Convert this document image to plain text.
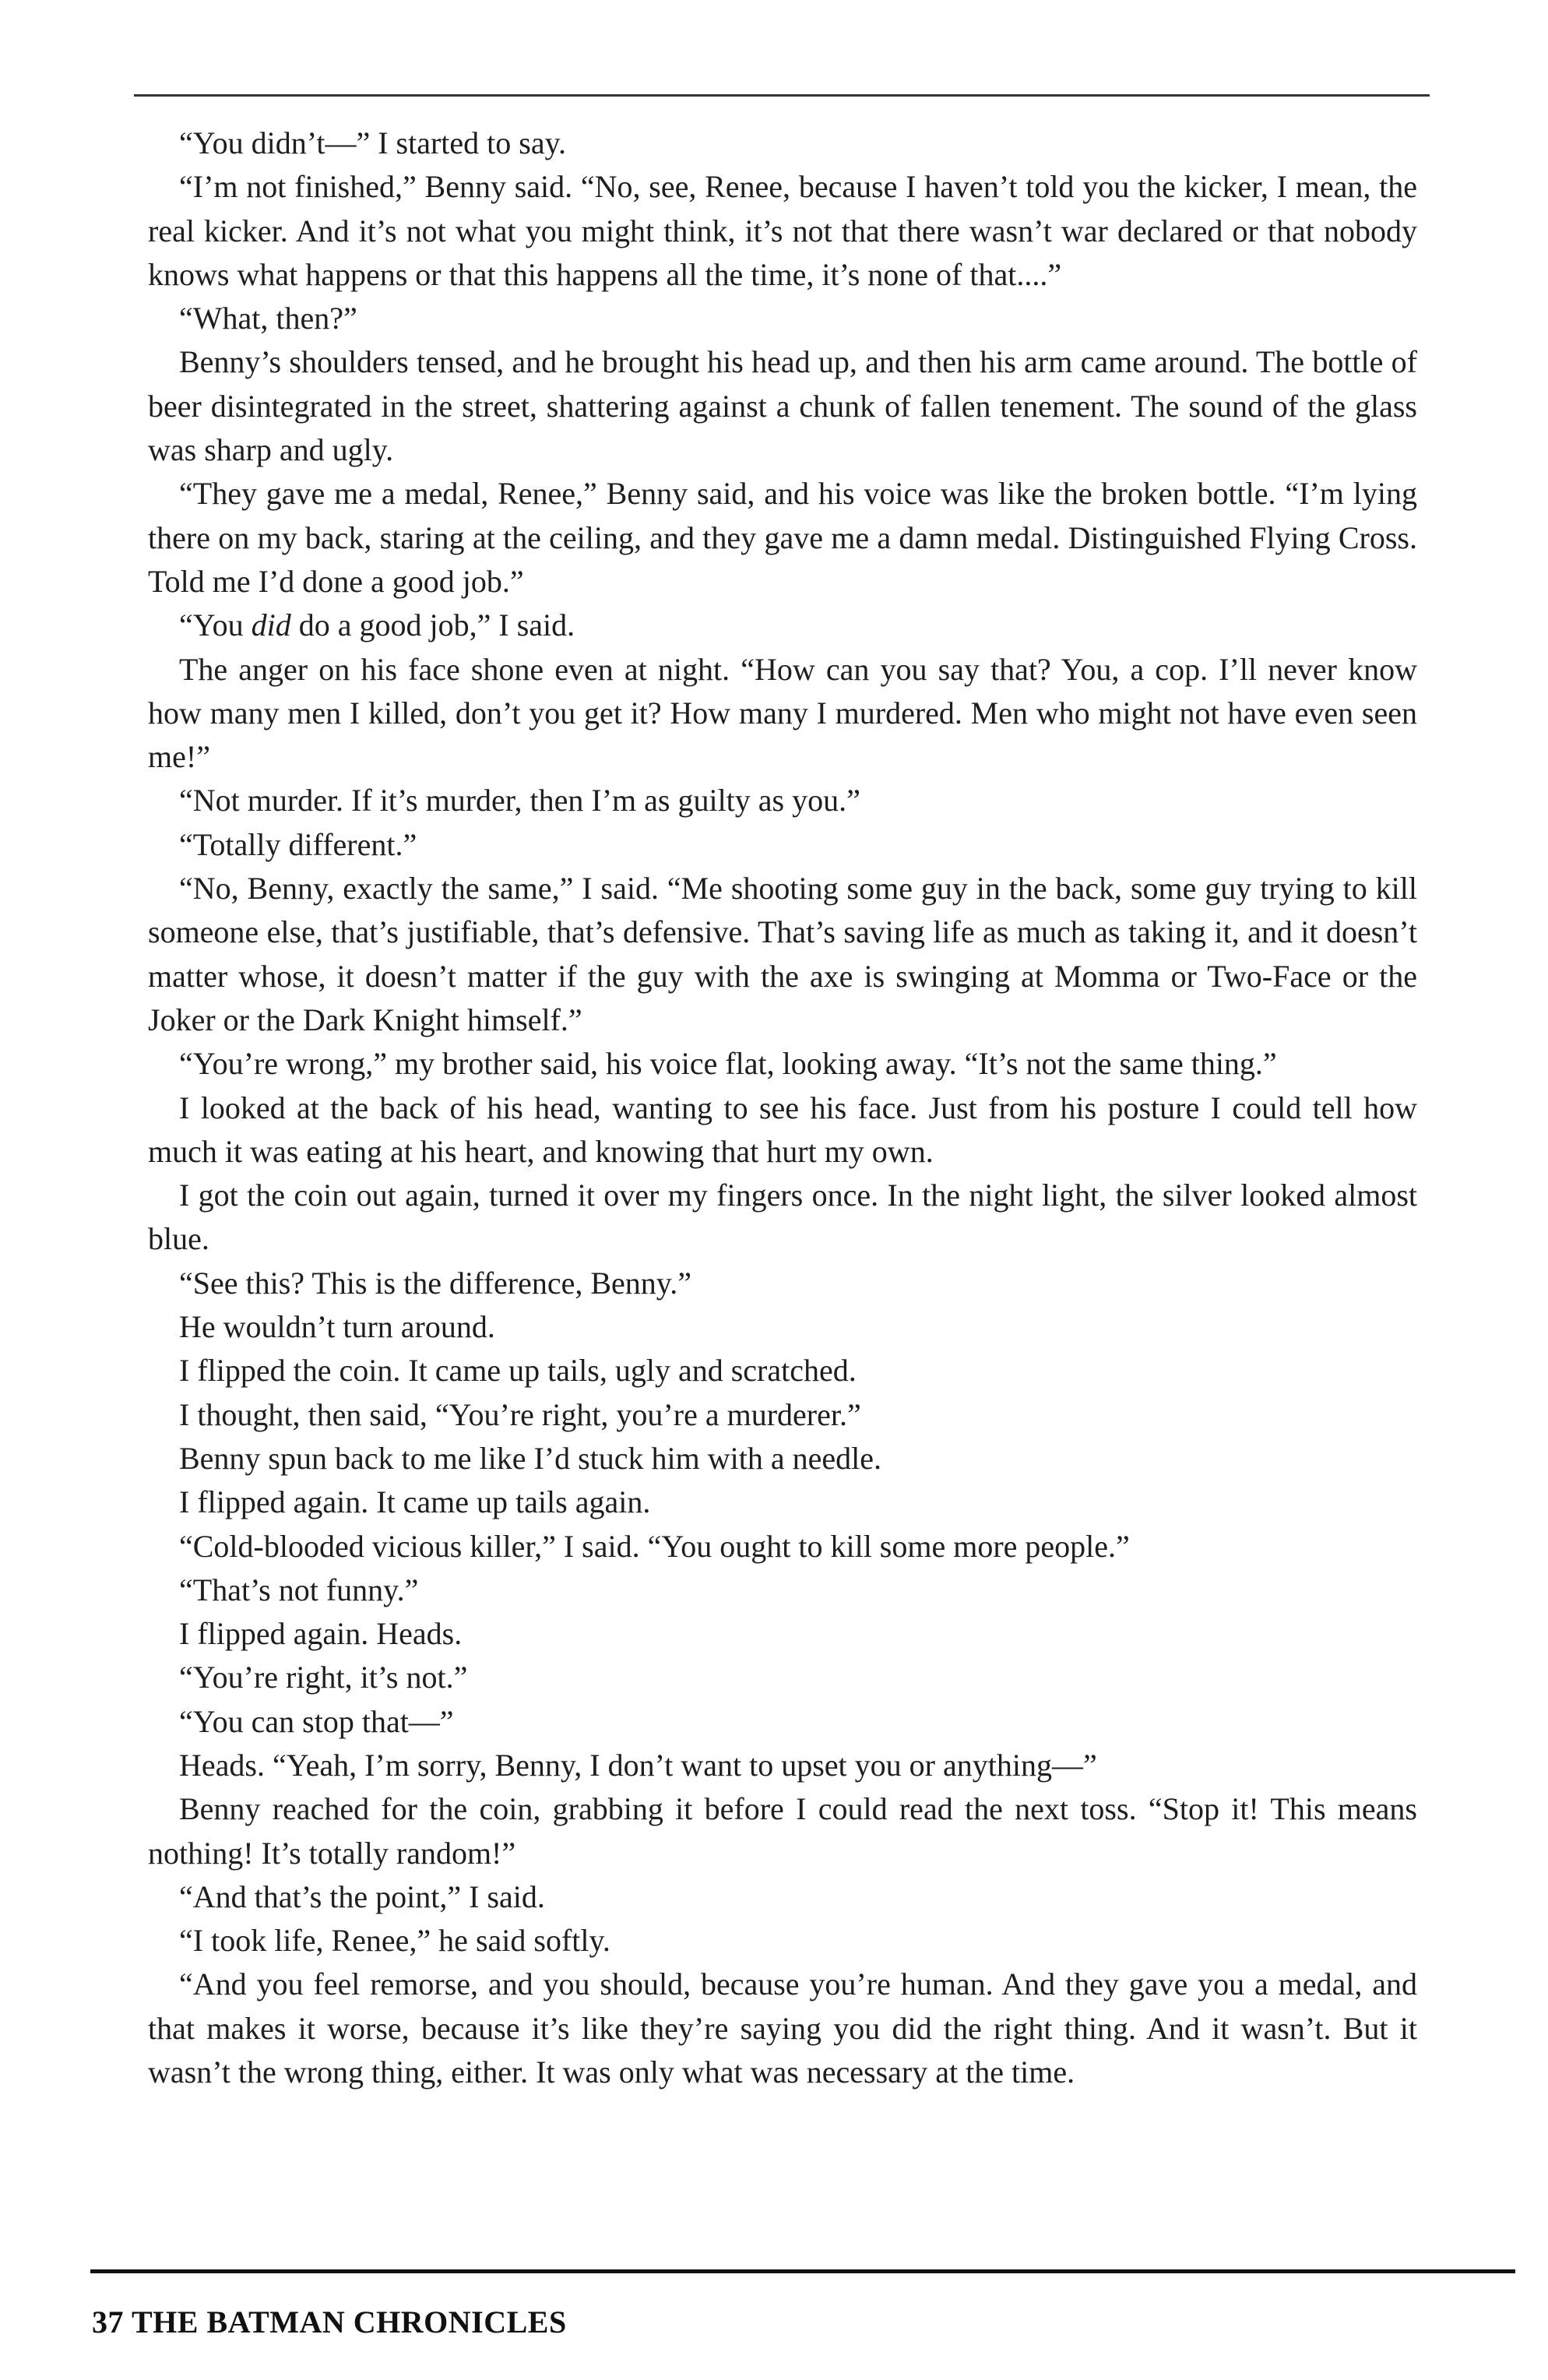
“You didn’t—” I started to say.

“I’m not finished,” Benny said. “No, see, Renee, because I haven’t told you the kicker, I mean, the real kicker. And it’s not what you might think, it’s not that there wasn’t war declared or that nobody knows what happens or that this happens all the time, it’s none of that....”

“What, then?”

Benny’s shoulders tensed, and he brought his head up, and then his arm came around. The bottle of beer disintegrated in the street, shattering against a chunk of fallen tenement. The sound of the glass was sharp and ugly.

“They gave me a medal, Renee,” Benny said, and his voice was like the broken bottle. “I’m lying there on my back, staring at the ceiling, and they gave me a damn medal. Distinguished Flying Cross. Told me I’d done a good job.”

“You did do a good job,” I said.

The anger on his face shone even at night. “How can you say that? You, a cop. I’ll never know how many men I killed, don’t you get it? How many I murdered. Men who might not have even seen me!”

“Not murder. If it’s murder, then I’m as guilty as you.”

“Totally different.”

“No, Benny, exactly the same,” I said. “Me shooting some guy in the back, some guy trying to kill someone else, that’s justifiable, that’s defensive. That’s saving life as much as taking it, and it doesn’t matter whose, it doesn’t matter if the guy with the axe is swinging at Momma or Two-Face or the Joker or the Dark Knight himself.”

“You’re wrong,” my brother said, his voice flat, looking away. “It’s not the same thing.”

I looked at the back of his head, wanting to see his face. Just from his posture I could tell how much it was eating at his heart, and knowing that hurt my own.

I got the coin out again, turned it over my fingers once. In the night light, the silver looked almost blue.

“See this? This is the difference, Benny.”

He wouldn’t turn around.

I flipped the coin. It came up tails, ugly and scratched.

I thought, then said, “You’re right, you’re a murderer.”

Benny spun back to me like I’d stuck him with a needle.

I flipped again. It came up tails again.

“Cold-blooded vicious killer,” I said. “You ought to kill some more people.”

“That’s not funny.”

I flipped again. Heads.

“You’re right, it’s not.”

“You can stop that—”

Heads. “Yeah, I’m sorry, Benny, I don’t want to upset you or anything—”

Benny reached for the coin, grabbing it before I could read the next toss. “Stop it! This means nothing! It’s totally random!”

“And that’s the point,” I said.

“I took life, Renee,” he said softly.

“And you feel remorse, and you should, because you’re human. And they gave you a medal, and that makes it worse, because it’s like they’re saying you did the right thing. And it wasn’t. But it wasn’t the wrong thing, either. It was only what was necessary at the time.

37 THE BATMAN CHRONICLES
